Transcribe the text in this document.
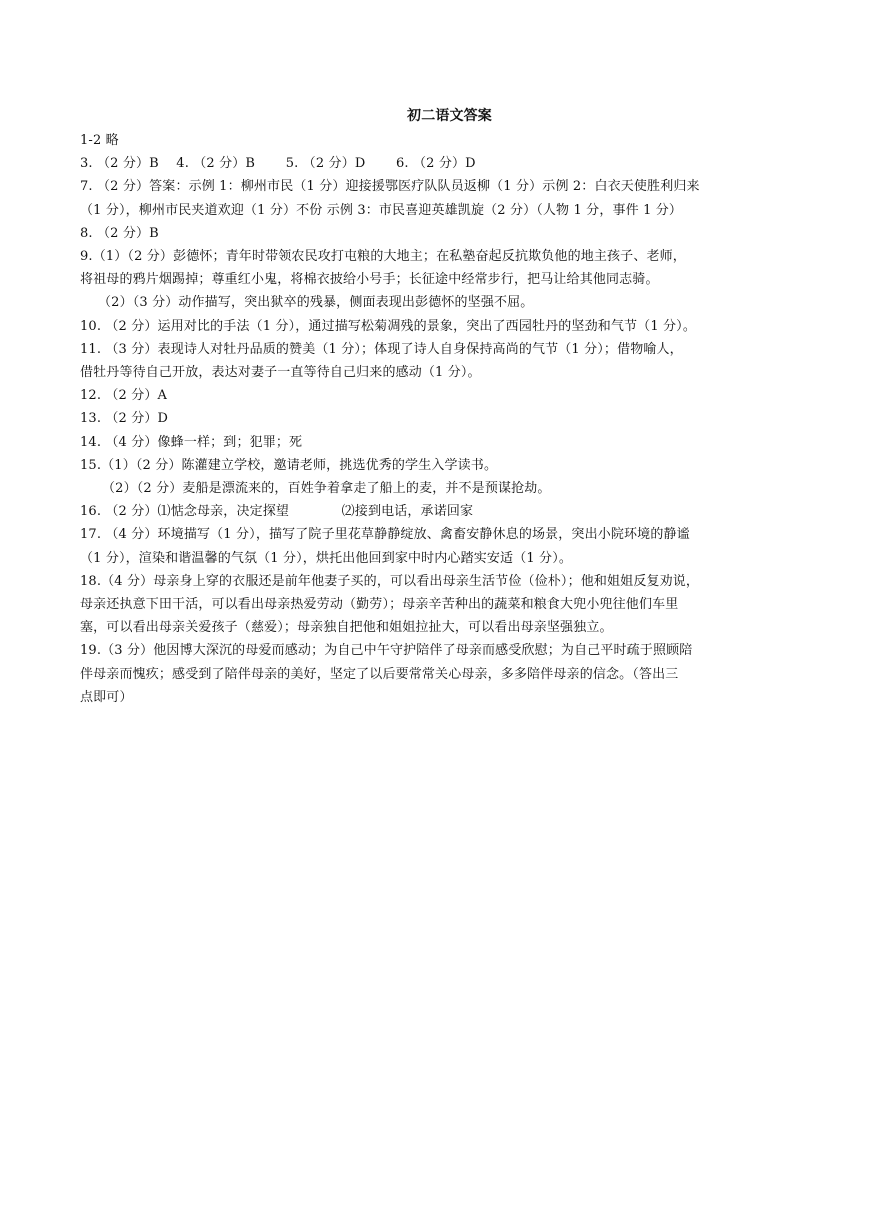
初二语文答案
1-2 略
3. （2 分）B　 4. （2 分）B　　 5. （2 分）D　　 6. （2 分）D
7. （2 分）答案：示例 1：柳州市民（1 分）迎接援鄂医疗队队员返柳（1 分）示例 2：白衣天使胜利归来
（1 分），柳州市民夹道欢迎（1 分）不份 示例 3：市民喜迎英雄凯旋（2 分）（人物 1 分，事件 1 分）
8. （2 分）B
9.（1）（2 分）彭德怀；青年时带领农民攻打屯粮的大地主；在私塾奋起反抗欺负他的地主孩子、老师，
将祖母的鸦片烟踢掉；尊重红小鬼，将棉衣披给小号手；长征途中经常步行，把马让给其他同志骑。
（2）（3 分）动作描写，突出狱卒的残暴，侧面表现出彭德怀的坚强不屈。
10. （2 分）运用对比的手法（1 分），通过描写松菊凋残的景象，突出了西园牡丹的坚劲和气节（1 分）。
11. （3 分）表现诗人对牡丹品质的赞美（1 分）；体现了诗人自身保持高尚的气节（1 分）；借物喻人，
借牡丹等待自己开放，表达对妻子一直等待自己归来的感动（1 分）。
12. （2 分）A
13. （2 分）D
14. （4 分）像蜂一样；到；犯罪；死
15.（1）（2 分）陈灌建立学校，邀请老师，挑选优秀的学生入学读书。
（2）（2 分）麦船是漂流来的，百姓争着拿走了船上的麦，并不是预谋抢劫。
16. （2 分）⑴惦念母亲，决定探望　　　　⑵接到电话，承诺回家
17. （4 分）环境描写（1 分），描写了院子里花草静静绽放、禽畜安静休息的场景，突出小院环境的静谧
（1 分），渲染和谐温馨的气氛（1 分），烘托出他回到家中时内心踏实安适（1 分）。
18.（4 分）母亲身上穿的衣服还是前年他妻子买的，可以看出母亲生活节俭（俭朴）；他和姐姐反复劝说，
母亲还执意下田干活，可以看出母亲热爱劳动（勤劳）；母亲辛苦种出的蔬菜和粮食大兜小兜往他们车里
塞，可以看出母亲关爱孩子（慈爱）；母亲独自把他和姐姐拉扯大，可以看出母亲坚强独立。
19.（3 分）他因博大深沉的母爱而感动；为自己中午守护陪伴了母亲而感受欣慰；为自己平时疏于照顾陪
伴母亲而愧疚；感受到了陪伴母亲的美好，坚定了以后要常常关心母亲，多多陪伴母亲的信念。（答出三
点即可）
